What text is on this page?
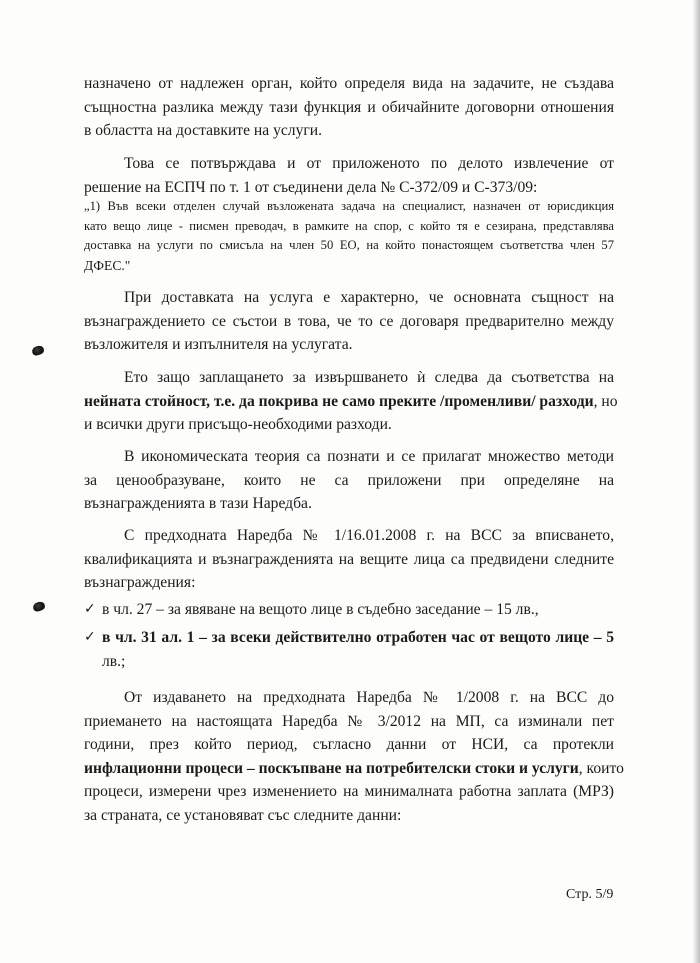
назначено от надлежен орган, който определя вида на задачите, не създава
същностна разлика между тази функция и обичайните договорни отношения
в областта на доставките на услуги.
Това се потвърждава и от приложеното по делото извлечение от
решение на ЕСПЧ по т. 1 от съединени дела № С-372/09 и С-373/09:
„1) Във всеки отделен случай възложената задача на специалист, назначен от юрисдикция
като вещо лице - писмен преводач, в рамките на спор, с който тя е сезирана, представлява
доставка на услуги по смисъла на член 50 ЕО, на който понастоящем съответства член 57
ДФЕС."
При доставката на услуга е характерно, че основната същност на
възнаграждението се състои в това, че то се договаря предварително между
възложителя и изпълнителя на услугата.
Ето защо заплащането за извършването ѝ следва да съответства на
нейната стойност, т.е. да покрива не само преките /променливи/ разходи, но
и всички други присъщо-необходими разходи.
В икономическата теория са познати и се прилагат множество методи
за ценообразуване, които не са приложени при определяне на
възнагражденията в тази Наредба.
С предходната Наредба № 1/16.01.2008 г. на ВСС за вписването,
квалификацията и възнагражденията на вещите лица са предвидени следните
възнаграждения:
✓ в чл. 27 – за явяване на вещото лице в съдебно заседание – 15 лв.,
✓ в чл. 31 ал. 1 – за всеки действително отработен час от вещото лице – 5
лв.;
От издаването на предходната Наредба № 1/2008 г. на ВСС до
приемането на настоящата Наредба № 3/2012 на МП, са изминали пет
години, през който период, съгласно данни от НСИ, са протекли
инфлационни процеси – поскъпване на потребителски стоки и услуги, които
процеси, измерени чрез изменението на минималната работна заплата (МРЗ)
за страната, се установяват със следните данни:
Стр. 5/9
